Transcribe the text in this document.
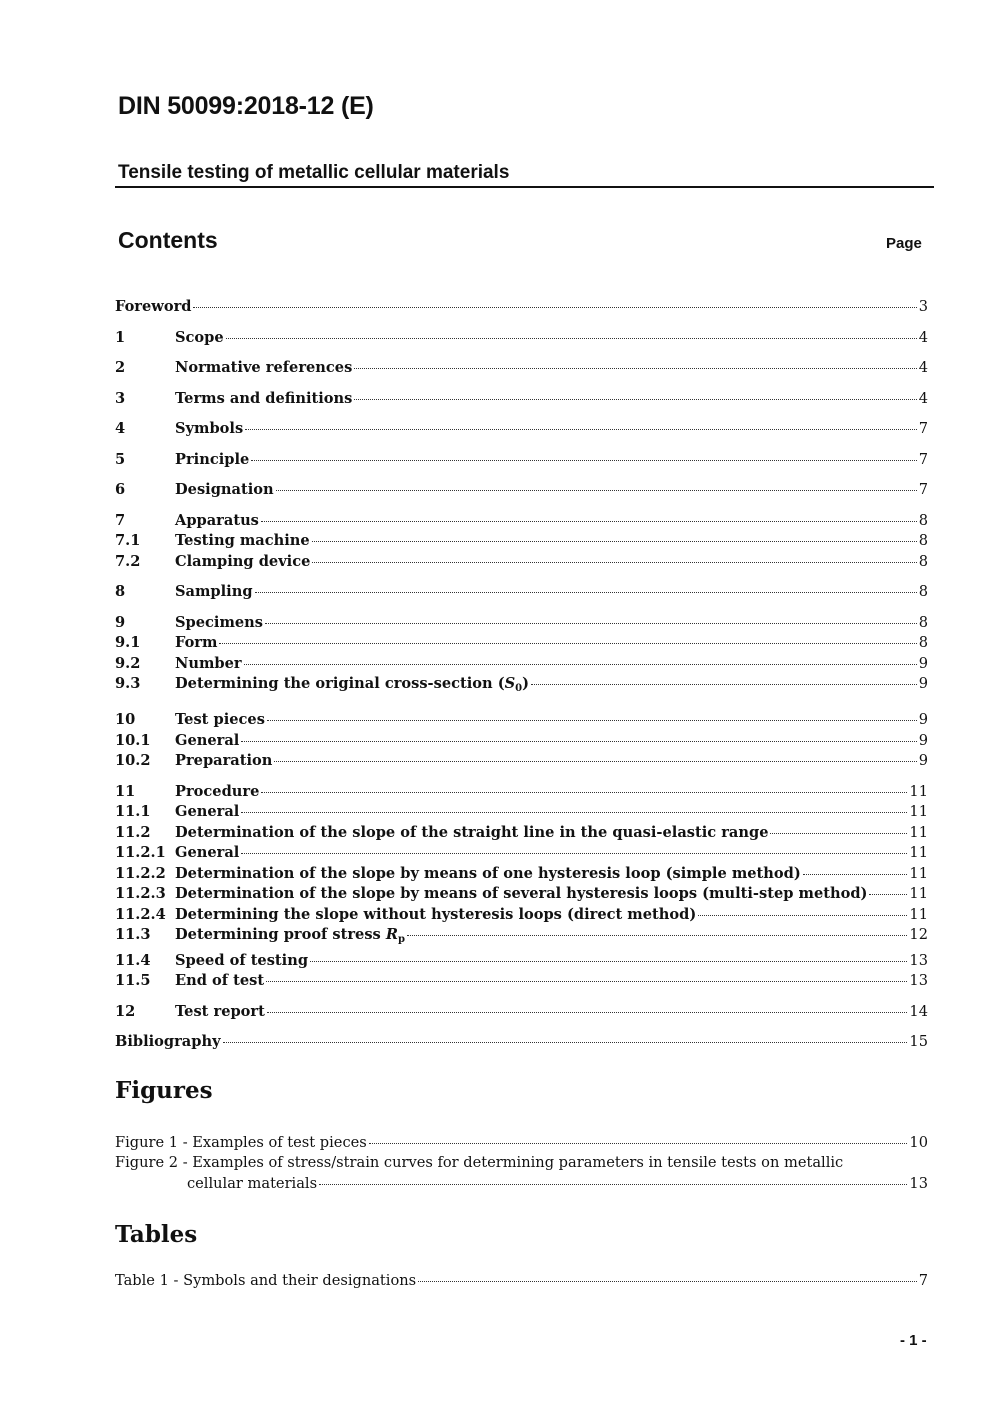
DIN 50099:2018-12 (E)
Tensile testing of metallic cellular materials
Contents	Page
Foreword	3
1	Scope	4
2	Normative references	4
3	Terms and definitions	4
4	Symbols	7
5	Principle	7
6	Designation	7
7	Apparatus	8
7.1	Testing machine	8
7.2	Clamping device	8
8	Sampling	8
9	Specimens	8
9.1	Form	8
9.2	Number	9
9.3	Determining the original cross-section $(S_0)$	9
10	Test pieces	9
10.1	General	9
10.2	Preparation	9
11	Procedure	11
11.1	General	11
11.2	Determination of the slope of the straight line in the quasi-elastic range	11
11.2.1 General	11
11.2.2 Determination of the slope by means of one hysteresis loop (simple method)	11
11.2.3 Determination of the slope by means of several hysteresis loops (multi-step method)	11
11.2.4 Determining the slope without hysteresis loops (direct method)	11
11.3	Determining proof stress $R_p$	12
11.4	Speed of testing	13
11.5	End of test	13
12	Test report	14
Bibliography	15
Figures
Figure 1 - Examples of test pieces	10
Figure 2 - Examples of stress/strain curves for determining parameters in tensile tests on metallic
cellular materials	13
Tables
Table 1 - Symbols and their designations	7
- 1 -
